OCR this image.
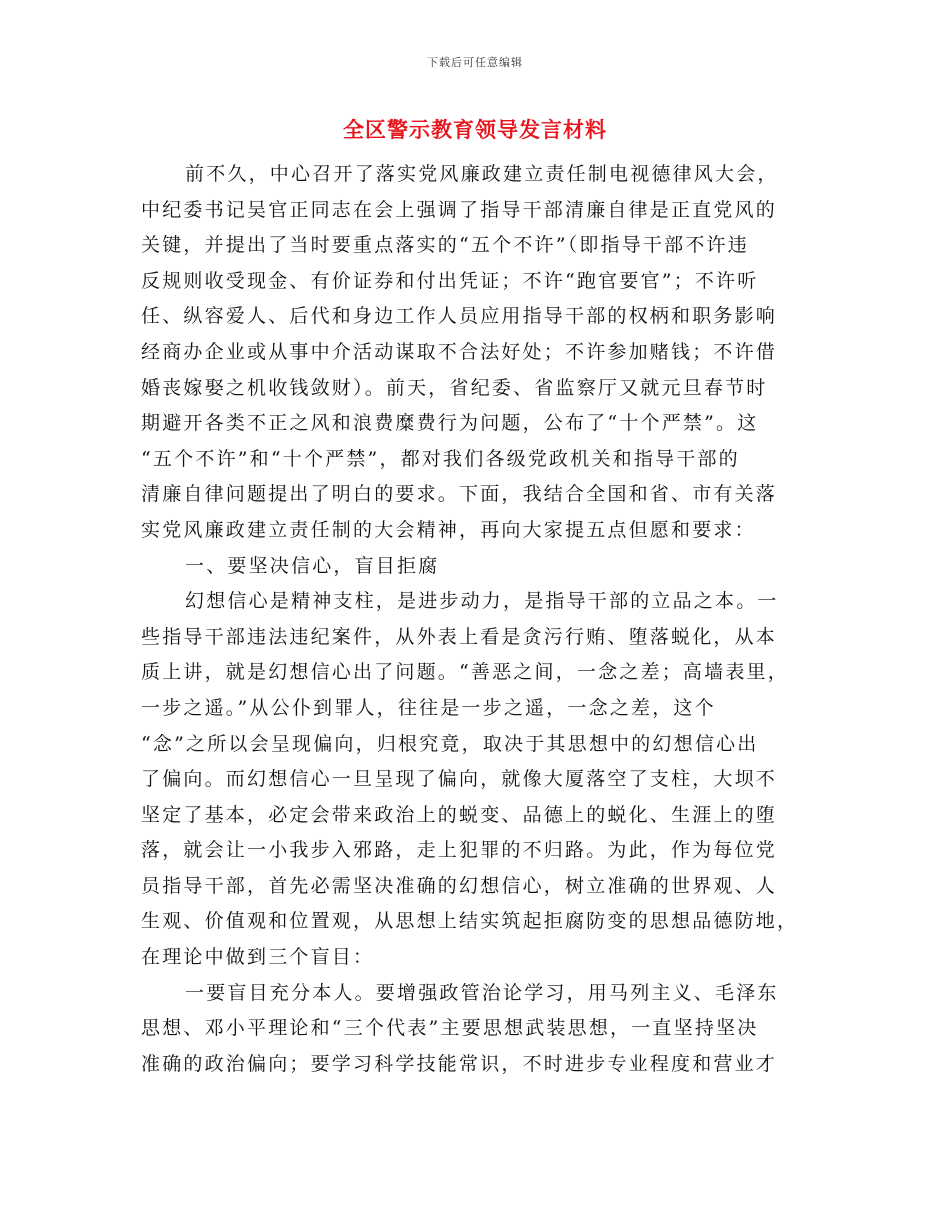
下载后可任意编辑
全区警示教育领导发言材料
前不久，中心召开了落实党风廉政建立责任制电视德律风大会，
中纪委书记吴官正同志在会上强调了指导干部清廉自律是正直党风的
关键，并提出了当时要重点落实的“五个不许”（即指导干部不许违
反规则收受现金、有价证券和付出凭证；不许“跑官要官”；不许听
任、纵容爱人、后代和身边工作人员应用指导干部的权柄和职务影响
经商办企业或从事中介活动谋取不合法好处；不许参加赌钱；不许借
婚丧嫁娶之机收钱敛财）。前天，省纪委、省监察厅又就元旦春节时
期避开各类不正之风和浪费糜费行为问题，公布了“十个严禁”。这
“五个不许”和“十个严禁”，都对我们各级党政机关和指导干部的
清廉自律问题提出了明白的要求。下面，我结合全国和省、市有关落
实党风廉政建立责任制的大会精神，再向大家提五点但愿和要求：
一、要坚决信心，盲目拒腐
幻想信心是精神支柱，是进步动力，是指导干部的立品之本。一
些指导干部违法违纪案件，从外表上看是贪污行贿、堕落蜕化，从本
质上讲，就是幻想信心出了问题。“善恶之间，一念之差；高墙表里，
一步之遥。”从公仆到罪人，往往是一步之遥，一念之差，这个
“念”之所以会呈现偏向，归根究竟，取决于其思想中的幻想信心出
了偏向。而幻想信心一旦呈现了偏向，就像大厦落空了支柱，大坝不
坚定了基本，必定会带来政治上的蜕变、品德上的蜕化、生涯上的堕
落，就会让一小我步入邪路，走上犯罪的不归路。为此，作为每位党
员指导干部，首先必需坚决准确的幻想信心，树立准确的世界观、人
生观、价值观和位置观，从思想上结实筑起拒腐防变的思想品德防地，
在理论中做到三个盲目：
一要盲目充分本人。要增强政管治论学习，用马列主义、毛泽东
思想、邓小平理论和“三个代表”主要思想武装思想，一直坚持坚决
准确的政治偏向；要学习科学技能常识，不时进步专业程度和营业才
